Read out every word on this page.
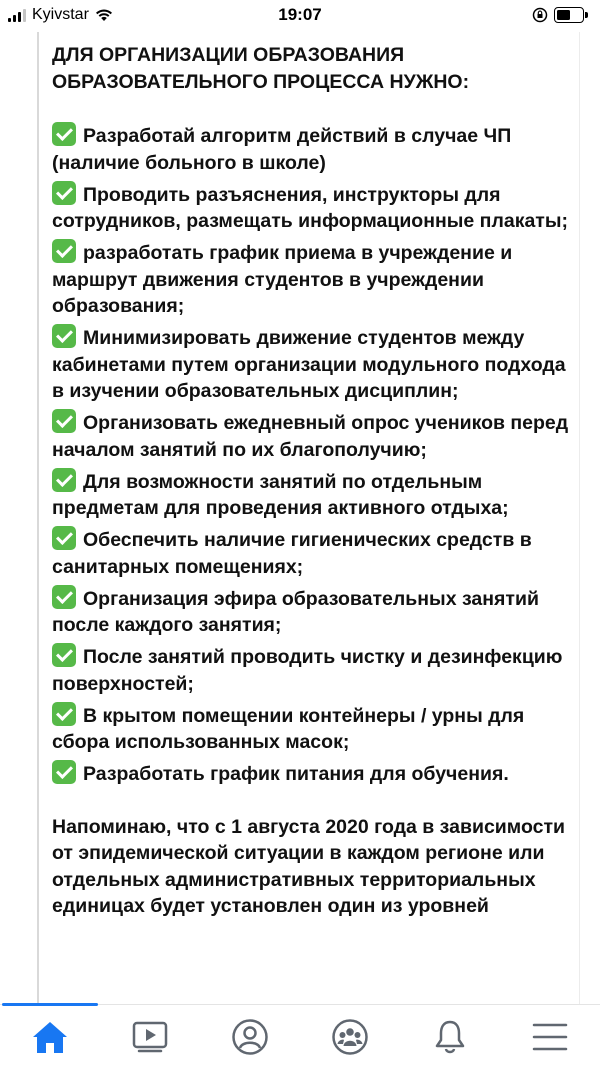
Kyivstar	19:07
ДЛЯ ОРГАНИЗАЦИИ ОБРАЗОВАНИЯ ОБРАЗОВАТЕЛЬНОГО ПРОЦЕССА НУЖНО:
Разработай алгоритм действий в случае ЧП (наличие больного в школе)
Проводить разъяснения, инструкторы для сотрудников, размещать информационные плакаты;
разработать график приема в учреждение и маршрут движения студентов в учреждении образования;
Минимизировать движение студентов между кабинетами путем организации модульного подхода в изучении образовательных дисциплин;
Организовать ежедневный опрос учеников перед началом занятий по их благополучию;
Для возможности занятий по отдельным предметам для проведения активного отдыха;
Обеспечить наличие гигиенических средств в санитарных помещениях;
Организация эфира образовательных занятий после каждого занятия;
После занятий проводить чистку и дезинфекцию поверхностей;
В крытом помещении контейнеры / урны для сбора использованных масок;
Разработать график питания для обучения.
Напоминаю, что с 1 августа 2020 года в зависимости от эпидемической ситуации в каждом регионе или отдельных административных территориальных единицах будет установлен один из уровней
